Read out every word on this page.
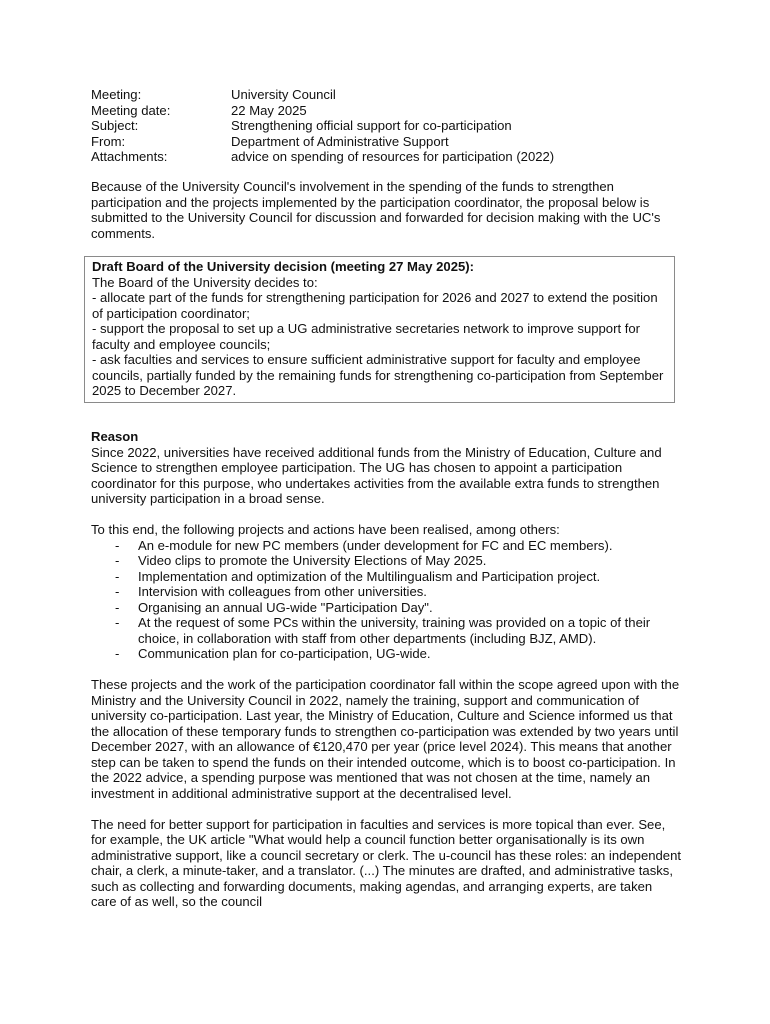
Meeting:	University Council
Meeting date:	22 May 2025
Subject:	Strengthening official support for co-participation
From:	Department of Administrative Support
Attachments:	advice on spending of resources for participation (2022)

Because of the University Council's involvement in the spending of the funds to strengthen participation and the projects implemented by the participation coordinator, the proposal below is submitted to the University Council for discussion and forwarded for decision making with the UC's comments.

Draft Board of the University decision (meeting 27 May 2025):
The Board of the University decides to:
- allocate part of the funds for strengthening participation for 2026 and 2027 to extend the position of participation coordinator;
- support the proposal to set up a UG administrative secretaries network to improve support for faculty and employee councils;
- ask faculties and services to ensure sufficient administrative support for faculty and employee councils, partially funded by the remaining funds for strengthening co-participation from September 2025 to December 2027.
Reason

Since 2022, universities have received additional funds from the Ministry of Education, Culture and Science to strengthen employee participation. The UG has chosen to appoint a participation coordinator for this purpose, who undertakes activities from the available extra funds to strengthen university participation in a broad sense.

To this end, the following projects and actions have been realised, among others:

-	An e-module for new PC members (under development for FC and EC members).
-	Video clips to promote the University Elections of May 2025.
-	Implementation and optimization of the Multilingualism and Participation project.
-	Intervision with colleagues from other universities.
-	Organising an annual UG-wide "Participation Day".
-	At the request of some PCs within the university, training was provided on a topic of their choice, in collaboration with staff from other departments (including BJZ, AMD).
-	Communication plan for co-participation, UG-wide.

These projects and the work of the participation coordinator fall within the scope agreed upon with the Ministry and the University Council in 2022, namely the training, support and communication of university co-participation. Last year, the Ministry of Education, Culture and Science informed us that the allocation of these temporary funds to strengthen co-participation was extended by two years until December 2027, with an allowance of €120,470 per year (price level 2024). This means that another step can be taken to spend the funds on their intended outcome, which is to boost co-participation. In the 2022 advice, a spending purpose was mentioned that was not chosen at the time, namely an investment in additional administrative support at the decentralised level.

The need for better support for participation in faculties and services is more topical than ever. See, for example, the UK article "What would help a council function better organisationally is its own administrative support, like a council secretary or clerk. The u-council has these roles: an independent chair, a clerk, a minute-taker, and a translator. (...) The minutes are drafted, and administrative tasks, such as collecting and forwarding documents, making agendas, and arranging experts, are taken care of as well, so the council
